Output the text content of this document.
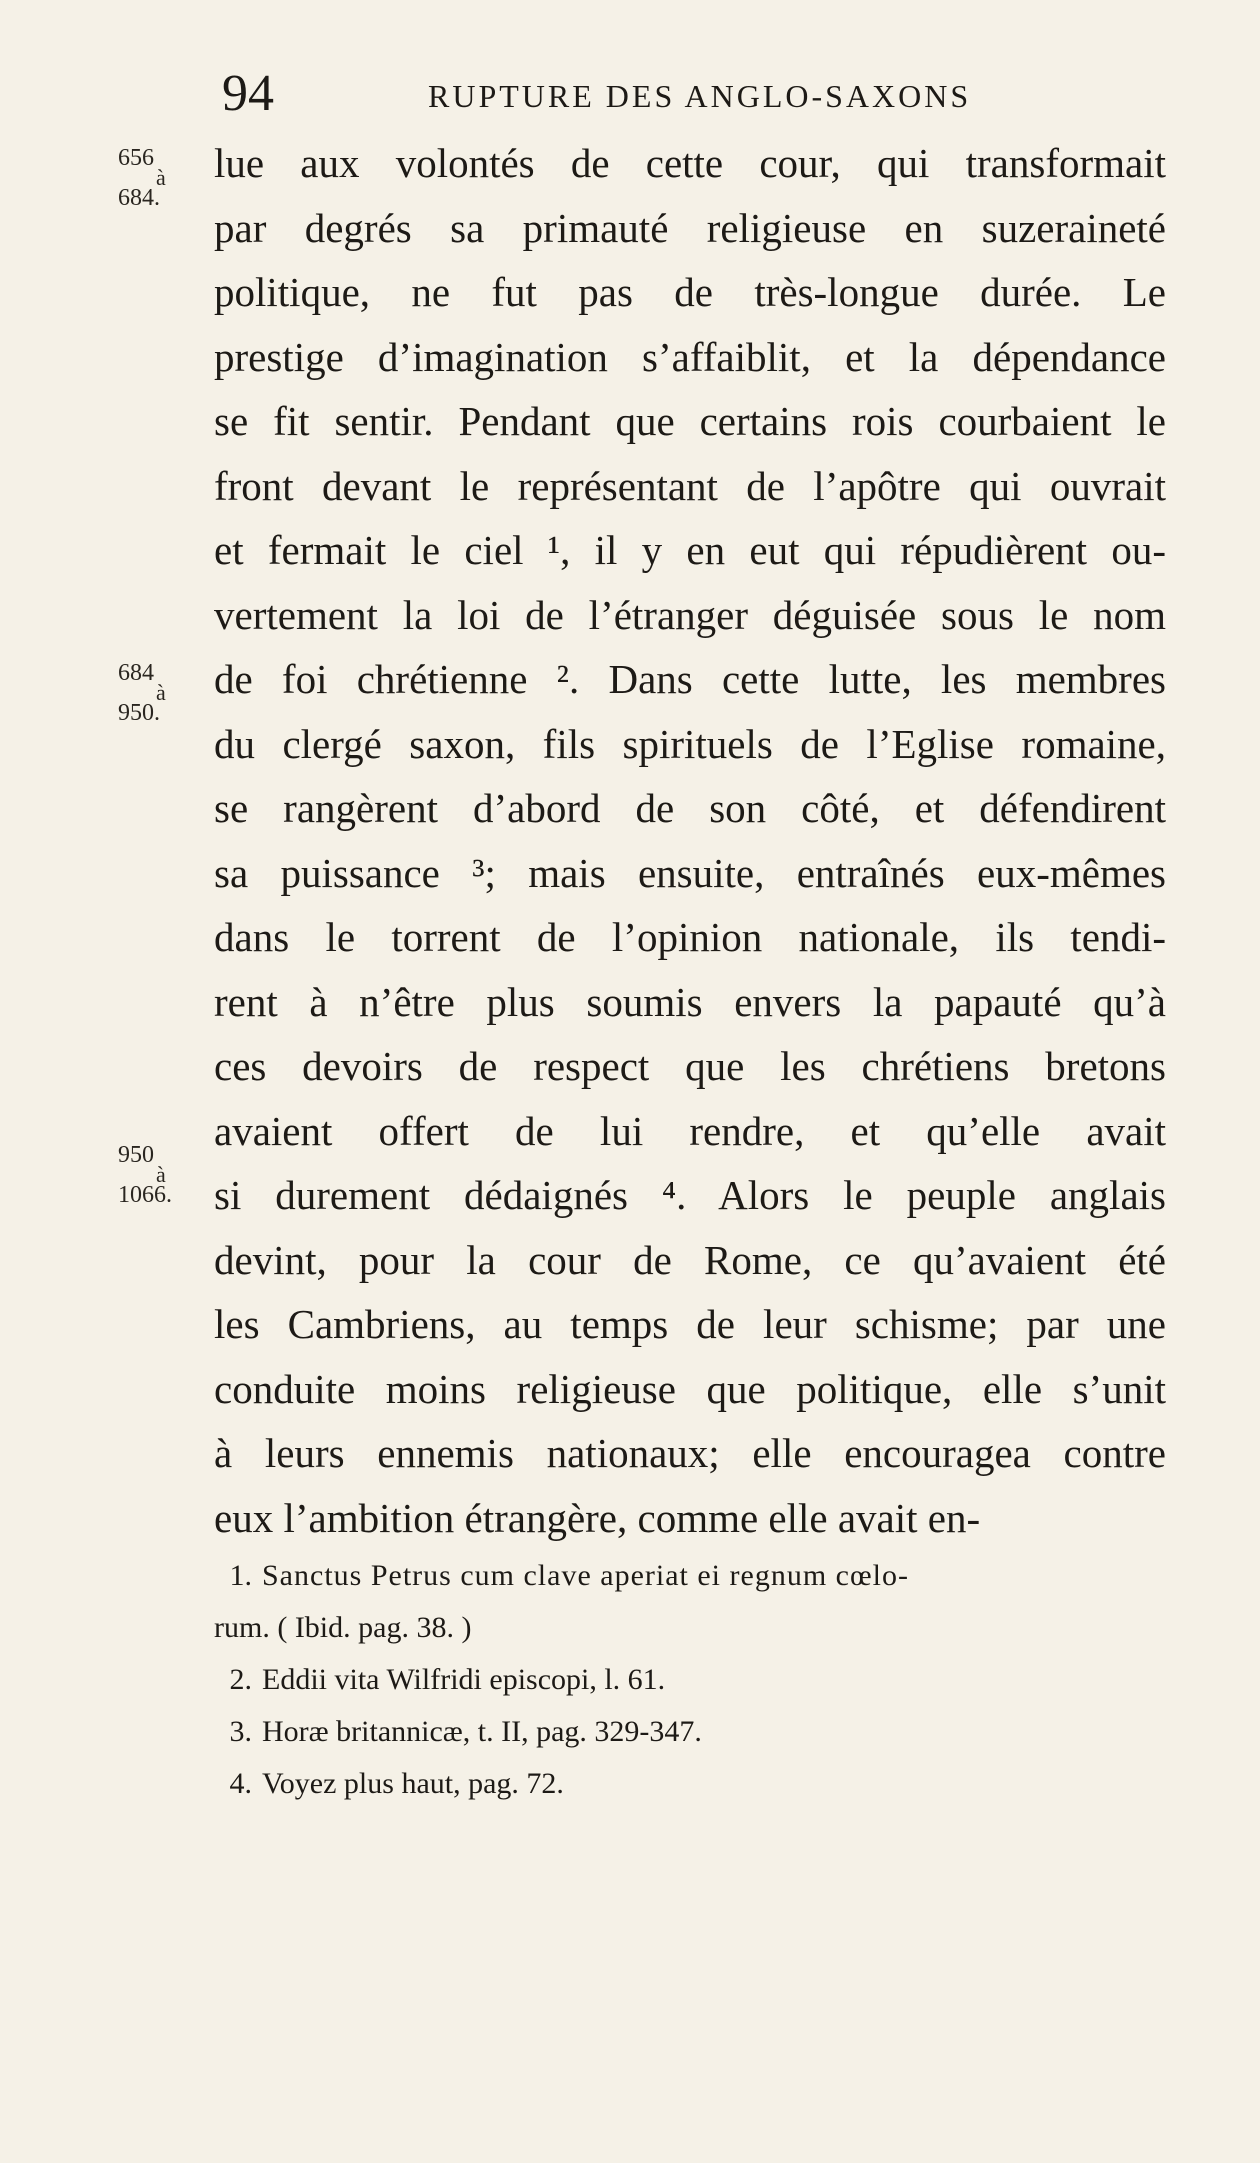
94	RUPTURE DES ANGLO-SAXONS
656
à
684.
684
à
950.
950
à
1066.
lue aux volontés de cette cour, qui transformait
par degrés sa primauté religieuse en suzeraineté
politique, ne fut pas de très-longue durée. Le
prestige d’imagination s’affaiblit, et la dépendance
se fit sentir. Pendant que certains rois courbaient le
front devant le représentant de l’apôtre qui ouvrait
et fermait le ciel ¹, il y en eut qui répudièrent ou-
vertement la loi de l’étranger déguisée sous le nom
de foi chrétienne ². Dans cette lutte, les membres
du clergé saxon, fils spirituels de l’Eglise romaine,
se rangèrent d’abord de son côté, et défendirent
sa puissance ³; mais ensuite, entraînés eux-mêmes
dans le torrent de l’opinion nationale, ils tendi-
rent à n’être plus soumis envers la papauté qu’à
ces devoirs de respect que les chrétiens bretons
avaient offert de lui rendre, et qu’elle avait
si durement dédaignés ⁴. Alors le peuple anglais
devint, pour la cour de Rome, ce qu’avaient été
les Cambriens, au temps de leur schisme; par une
conduite moins religieuse que politique, elle s’unit
à leurs ennemis nationaux; elle encouragea contre
eux l’ambition étrangère, comme elle avait en-
1. Sanctus Petrus cum clave aperiat ei regnum cœlo-
rum. ( Ibid. pag. 38. )
2. Eddii vita Wilfridi episcopi, l. 61.
3. Horæ britannicæ, t. II, pag. 329-347.
4. Voyez plus haut, pag. 72.
